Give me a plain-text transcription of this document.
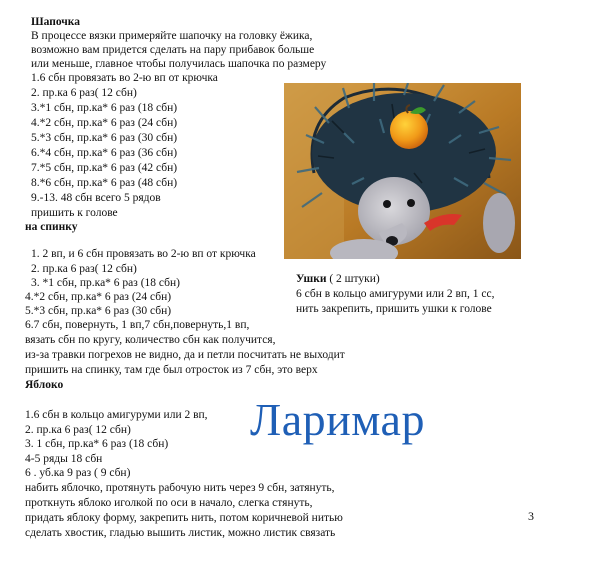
Шапочка
В процессе вязки примеряйте шапочку на головку ёжика,
возможно вам придется сделать на пару прибавок больше
или меньше, главное чтобы получилась шапочка по размеру
1.6 сбн провязать во 2-ю вп от крючка
2. пр.ка 6 раз( 12 сбн)
3.*1 сбн, пр.ка* 6 раз (18 сбн)
4.*2 сбн, пр.ка* 6 раз (24 сбн)
5.*3 сбн, пр.ка* 6 раз (30 сбн)
6.*4 сбн, пр.ка* 6 раз (36 сбн)
7.*5 сбн, пр.ка* 6 раз (42 сбн)
8.*6 сбн, пр.ка* 6 раз (48 сбн)
9.-13. 48 сбн всего 5 рядов
пришить к голове
на спинку
1. 2 вп, и 6 сбн провязать во 2-ю вп от крючка
2. пр.ка 6 раз( 12 сбн)
3. *1 сбн, пр.ка* 6 раз (18 сбн)
4.*2 сбн, пр.ка* 6 раз (24 сбн)
5.*3 сбн, пр.ка* 6 раз (30 сбн)
6.7 сбн, повернуть, 1 вп,7 сбн,повернуть,1 вп,
вязать сбн по кругу, количество сбн как получится,
из-за травки погрехов не видно, да и петли посчитать не выходит
пришить на спинку, там где был отросток из 7 сбн, это верх
Ушки ( 2 штуки)
6 сбн в кольцо амигуруми или 2 вп, 1 сс,
нить закрепить, пришить ушки к голове
Яблоко
1.6 сбн в кольцо амигуруми или 2 вп,
2. пр.ка 6 раз( 12 сбн)
3. 1 сбн, пр.ка* 6 раз (18 сбн)
4-5 ряды 18 сбн
6 . уб.ка 9 раз ( 9 сбн)
набить яблочко, протянуть рабочую нить через 9 сбн, затянуть,
проткнуть яблоко иголкой по оси в начало, слегка стянуть,
придать яблоку форму, закрепить нить, потом коричневой нитью
сделать хвостик, гладью вышить листик, можно листик связать
Ларимар
3
